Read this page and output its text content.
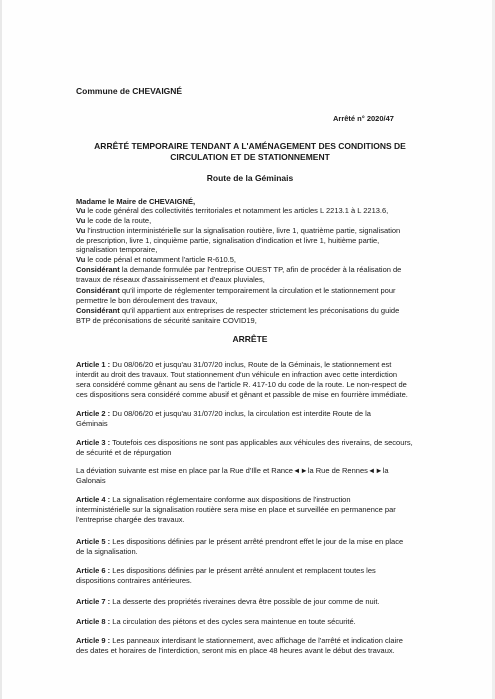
Commune de CHEVAIGNÉ
Arrêté n° 2020/47
ARRÊTÉ TEMPORAIRE TENDANT A L'AMÉNAGEMENT DES CONDITIONS DE
CIRCULATION ET DE STATIONNEMENT
Route de la Géminais
Madame le Maire de CHEVAIGNÉ,
Vu le code général des collectivités territoriales et notamment les articles L 2213.1 à L 2213.6,
Vu le code de la route,
Vu l'instruction interministérielle sur la signalisation routière, livre 1, quatrième partie, signalisation
de prescription, livre 1, cinquième partie, signalisation d'indication et livre 1, huitième partie,
signalisation temporaire,
Vu le code pénal et notamment l'article R-610.5,
Considérant la demande formulée par l'entreprise OUEST TP, afin de procéder à la réalisation de
travaux de réseaux d'assainissement et d'eaux pluviales,
Considérant qu'il importe de réglementer temporairement la circulation et le stationnement pour
permettre le bon déroulement des travaux,
Considérant qu'il appartient aux entreprises de respecter strictement les préconisations du guide
BTP de préconisations de sécurité sanitaire COVID19,
ARRÊTE
Article 1 : Du 08/06/20 et jusqu'au 31/07/20 inclus, Route de la Géminais, le stationnement est
interdit au droit des travaux. Tout stationnement d'un véhicule en infraction avec cette interdiction
sera considéré comme gênant au sens de l'article R. 417-10 du code de la route. Le non-respect de
ces dispositions sera considéré comme abusif et gênant et passible de mise en fourrière immédiate.
Article 2 : Du 08/06/20 et jusqu'au 31/07/20 inclus, la circulation est interdite Route de la
Géminais
Article 3 : Toutefois ces dispositions ne sont pas applicables aux véhicules des riverains, de secours,
de sécurité et de répurgation
La déviation suivante est mise en place par la Rue d'Ille et Rance◄►la Rue de Rennes◄►la
Galonais
Article 4 : La signalisation réglementaire conforme aux dispositions de l'instruction
interministérielle sur la signalisation routière sera mise en place et surveillée en permanence par
l'entreprise chargée des travaux.
Article 5 : Les dispositions définies par le présent arrêté prendront effet le jour de la mise en place
de la signalisation.
Article 6 : Les dispositions définies par le présent arrêté annulent et remplacent toutes les
dispositions contraires antérieures.
Article 7 : La desserte des propriétés riveraines devra être possible de jour comme de nuit.
Article 8 : La circulation des piétons et des cycles sera maintenue en toute sécurité.
Article 9 : Les panneaux interdisant le stationnement, avec affichage de l'arrêté et indication claire
des dates et horaires de l'interdiction, seront mis en place 48 heures avant le début des travaux.
